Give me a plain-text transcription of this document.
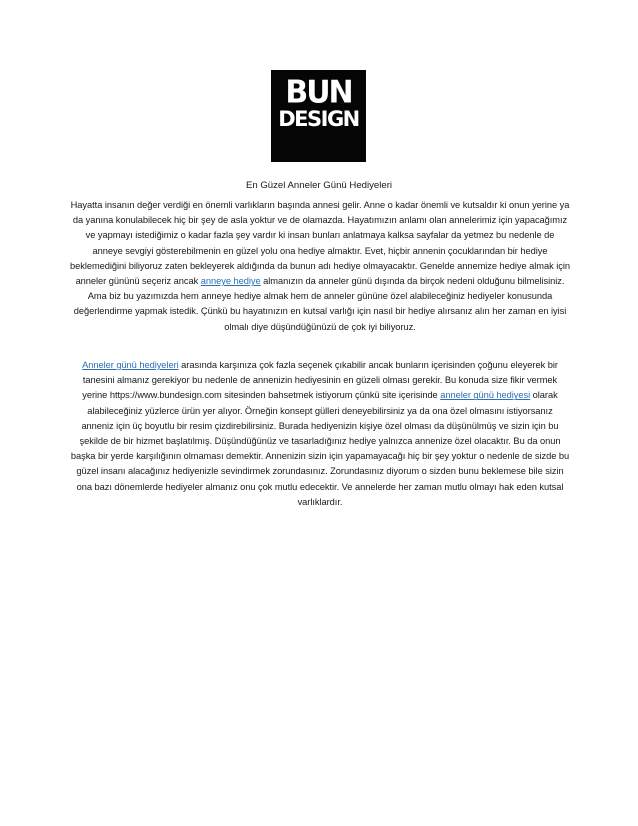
BUN
DESIGN
En Güzel Anneler Günü Hediyeleri

Hayatta insanın değer verdiği en önemli varlıkların başında annesi gelir. Anne o kadar önemli ve kutsaldır ki onun yerine ya da yanına konulabilecek hiç bir şey de asla yoktur ve de olamazda. Hayatımızın anlamı olan annelerimiz için yapacağımız ve yapmayı istediğimiz o kadar fazla şey vardır ki insan bunları anlatmaya kalksa sayfalar da yetmez bu nedenle de anneye sevgiyi gösterebilmenin en güzel yolu ona hediye almaktır. Evet, hiçbir annenin çocuklarından bir hediye beklemediğini biliyoruz zaten bekleyerek aldığında da bunun adı hediye olmayacaktır. Genelde annemize hediye almak için anneler gününü seçeriz ancak anneye hediye almanızın da anneler günü dışında da birçok nedeni olduğunu bilmelisiniz. Ama biz bu yazımızda hem anneye hediye almak hem de anneler gününe özel alabileceğiniz hediyeler konusunda değerlendirme yapmak istedik. Çünkü bu hayatınızın en kutsal varlığı için nasıl bir hediye alırsanız alın her zaman en iyisi olmalı diye düşündüğünüzü de çok iyi biliyoruz.

Anneler günü hediyeleri arasında karşınıza çok fazla seçenek çıkabilir ancak bunların içerisinden çoğunu eleyerek bir tanesini almanız gerekiyor bu nedenle de annenizin hediyesinin en güzeli olması gerekir. Bu konuda size fikir vermek yerine https://www.bundesign.com sitesinden bahsetmek istiyorum çünkü site içerisinde anneler günü hediyesi olarak alabileceğiniz yüzlerce ürün yer alıyor. Örneğin konsept gülleri deneyebilirsiniz ya da ona özel olmasını istiyorsanız anneniz için üç boyutlu bir resim çizdirebilirsiniz. Burada hediyenizin kişiye özel olması da düşünülmüş ve sizin için bu şekilde de bir hizmet başlatılmış. Düşündüğünüz ve tasarladığınız hediye yalnızca annenize özel olacaktır. Bu da onun başka bir yerde karşılığının olmaması demektir. Annenizin sizin için yapamayacağı hiç bir şey yoktur o nedenle de sizde bu güzel insanı alacağınız hediyenizle sevindirmek zorundasınız. Zorundasınız diyorum o sizden bunu beklemese bile sizin ona bazı dönemlerde hediyeler almanız onu çok mutlu edecektir. Ve annelerde her zaman mutlu olmayı hak eden kutsal varlıklardır.
